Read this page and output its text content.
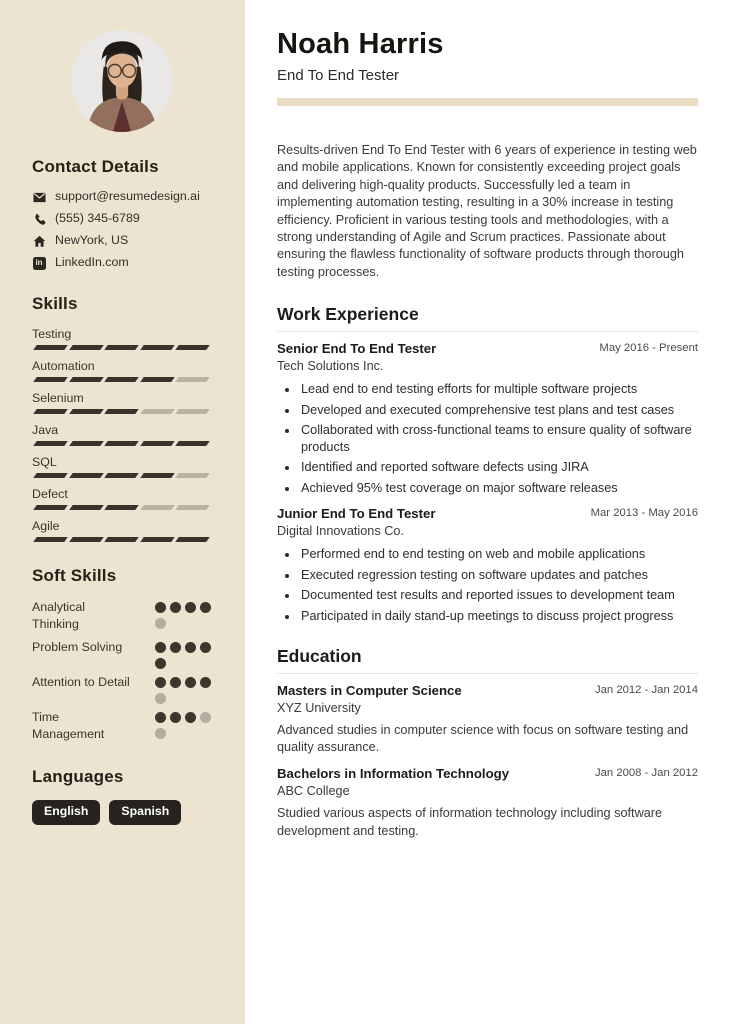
Contact Details
support@resumedesign.ai
(555) 345-6789
NewYork, US
in LinkedIn.com
Skills
Testing
Automation
Selenium
Java
SQL
Defect
Agile
Soft Skills
Analytical Thinking
Problem Solving
Attention to Detail
Time Management
Languages
English	Spanish
Noah Harris
End To End Tester

Results-driven End To End Tester with 6 years of experience in testing web and mobile applications. Known for consistently exceeding project goals and delivering high-quality products. Successfully led a team in implementing automation testing, resulting in a 30% increase in testing efficiency. Proficient in various testing tools and methodologies, with a strong understanding of Agile and Scrum practices. Passionate about ensuring the flawless functionality of software products through thorough testing processes.

Work Experience
Senior End To End Tester	May 2016 - Present
Tech Solutions Inc.
• Lead end to end testing efforts for multiple software projects
• Developed and executed comprehensive test plans and test cases
• Collaborated with cross-functional teams to ensure quality of software products
• Identified and reported software defects using JIRA
• Achieved 95% test coverage on major software releases
Junior End To End Tester	Mar 2013 - May 2016
Digital Innovations Co.
• Performed end to end testing on web and mobile applications
• Executed regression testing on software updates and patches
• Documented test results and reported issues to development team
• Participated in daily stand-up meetings to discuss project progress
Education
Masters in Computer Science	Jan 2012 - Jan 2014
XYZ University

Advanced studies in computer science with focus on software testing and quality assurance.

Bachelors in Information Technology	Jan 2008 - Jan 2012
ABC College

Studied various aspects of information technology including software development and testing.
